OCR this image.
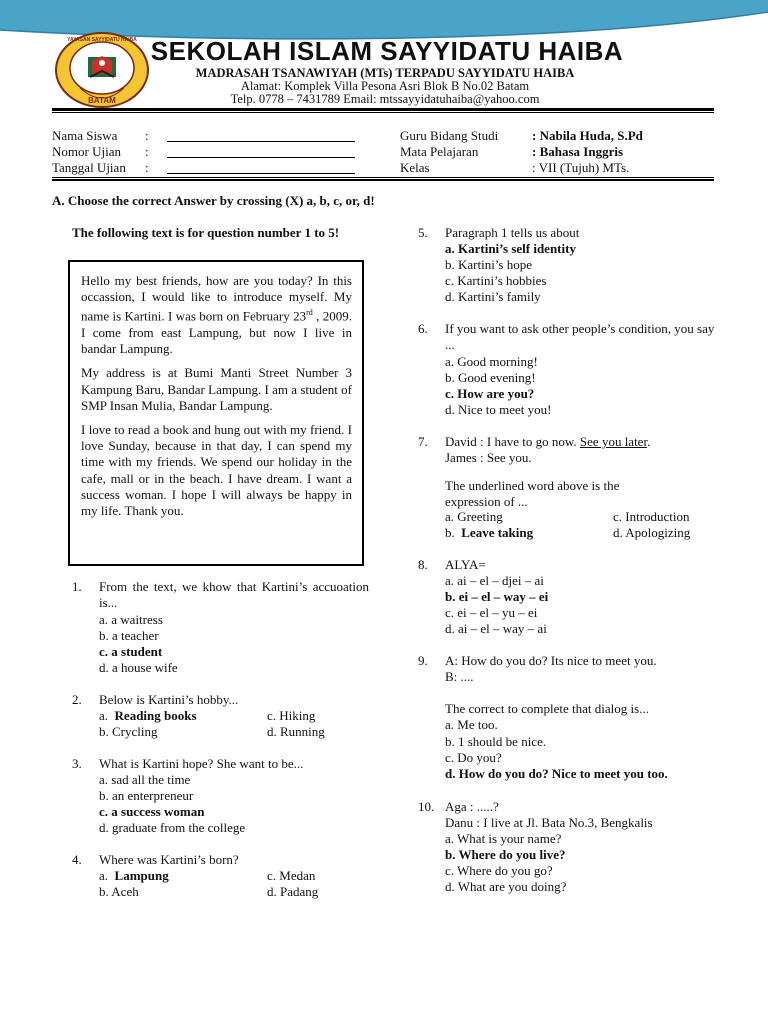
BATAM
YAYASAN SAYYIDATU HAIBA SEKOLAH ISLAM SAYYIDATU HAIBA
MADRASAH TSANAWIYAH (MTs) TERPADU SAYYIDATU HAIBA
Alamat: Komplek Villa Pesona Asri Blok B No.02 Batam
Telp. 0778 – 7431789 Email: mtssayyidatuhaiba@yahoo.com
Nama Siswa :
Nomor Ujian :
Tanggal Ujian :
Guru Bidang Studi	: Nabila Huda, S.Pd
Mata Pelajaran	: Bahasa Inggris
Kelas	: VII (Tujuh) MTs.
A. Choose the correct Answer by crossing (X) a, b, c, or, d!
The following text is for question number 1 to 5!

Hello my best friends, how are you today? In this occassion, I would like to introduce myself. My name is Kartini. I was born on February 23rd , 2009. I come from east Lampung, but now I live in bandar Lampung.

My address is at Bumi Manti Street Number 3 Kampung Baru, Bandar Lampung. I am a student of SMP Insan Mulia, Bandar Lampung.

I love to read a book and hung out with my friend. I love Sunday, because in that day, I can spend my time with my friends. We spend our holiday in the cafe, mall or in the beach. I have dream. I want a success woman. I hope I will always be happy in my life. Thank you.

1. From the text, we khow that Kartini’s accuoation is...
a. a waitress
b. a teacher
c. a student
d. a house wife
2. Below is Kartini’s hobby...
a. Reading books
b. Crycling
c. Hiking
d. Running
3. What is Kartini hope? She want to be...
a. sad all the time
b. an enterpreneur
c. a success woman
d. graduate from the college
4. Where was Kartini’s born?
a. Lampung
b. Aceh
c. Medan
d. Padang
5. Paragraph 1 tells us about
a. Kartini’s self identity
b. Kartini’s hope
c. Kartini’s hobbies
d. Kartini’s family
6. If you want to ask other people’s condition, you say ...
a. Good morning!
b. Good evening!
c. How are you?
d. Nice to meet you!
7. David : I have to go now. See you later.
James : See you.
The underlined word above is the expression of ...
a. Greeting
b. Leave taking
c. Introduction
d. Apologizing
8. ALYA=
a. ai – el – djei – ai
b. ei – el – way – ei
c. ei – el – yu – ei
d. ai – el – way – ai
9. A: How do you do? Its nice to meet you.
B: ....
The correct to complete that dialog is...
a. Me too.
b. 1 should be nice.
c. Do you?
d. How do you do? Nice to meet you too.
10. Aga : .....?
Danu : I live at Jl. Bata No.3, Bengkalis
a. What is your name?
b. Where do you live?
c. Where do you go?
d. What are you doing?
